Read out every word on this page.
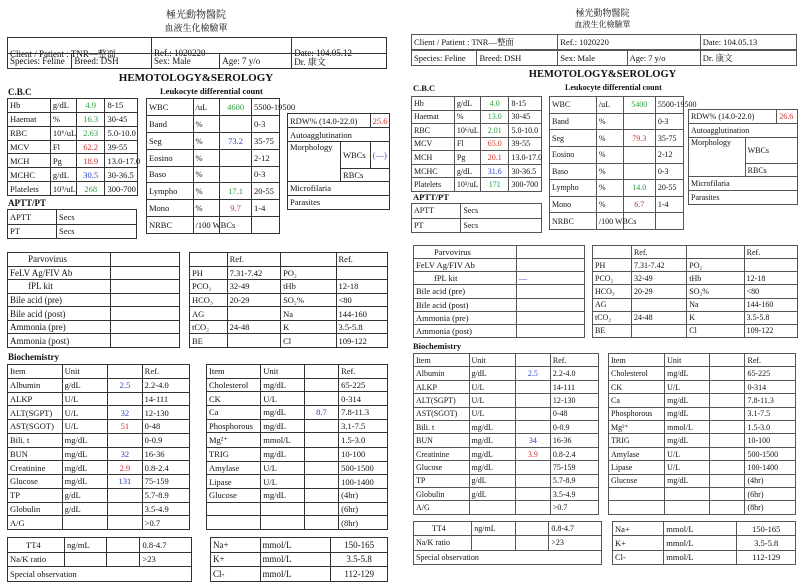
極光動物醫院
血液生化檢驗單
Client / Patient : TNR—整面	Ref.: 1020220	Date: 104.05.12
Species: Feline	Breed: DSH	Sex: Male	Age: 7 y/o	Dr. 康文
HEMOTOLOGY&SEROLOGY
C.B.C	Leukocyte differential count
Hb	g/dL	4.9	8-15
Haemat	%	16.3	30-45
RBC	10⁶/uL	2.63	5.0-10.0
MCV	Fl	62.2	39-55
MCH	Pg	18.9	13.0-17.0
MCHC	g/dL	30.5	30-36.5
Platelets	10³/uL	268	300-700
WBC	/uL	4600	5500-19500
Band	%		0-3
Seg	%	73.2	35-75
Eosino	%		2-12
Baso	%		0-3
Lympho	%	17.1	20-55
Mono	%	9.7	1-4
NRBC	/100 WBCs		
RDW% (14.0-22.0)		25.6
Autoagglutination		
Morphology	WBCs	(—)
	RBCs	
Microfilaria		
Parasites		
APTT/PT
APTT	Secs
PT	Secs
Parvovirus	
FeLV Ag/FIV Ab	
fPL kit	
Bile acid (pre)	
Bile acid (post)	
Ammonia (pre)	
Ammonia (post)	
	Ref.		Ref.
PH	7.31-7.42	PO₂	
PCO₂	32-49	tHb	12-18
HCO₃	20-29	SO₂%	<80
AG		Na	144-160
tCO₂	24-48	K	3.5-5.8
BE		Cl	109-122
Biochemistry
Item	Unit		Ref.
Albumin	g/dL	2.5	2.2-4.0
ALKP	U/L		14-111
ALT(SGPT)	U/L	32	12-130
AST(SGOT)	U/L	51	0-48
Bili. t	mg/dL		0-0.9
BUN	mg/dL	32	16-36
Creatinine	mg/dL	2.9	0.8-2.4
Glucose	mg/dL	131	75-159
TP	g/dL		5.7-8.9
Globulin	g/dL		3.5-4.9
A/G			>0.7
Item	Unit		Ref.
Cholesterol	mg/dL		65-225
CK	U/L		0-314
Ca	mg/dL	8.7	7.8-11.3
Phosphorous	mg/dL		3.1-7.5
Mg²⁺	mmol/L		1.5-3.0
TRIG	mg/dL		10-100
Amylase	U/L		500-1500
Lipase	U/L		100-1400
Glucose	mg/dL		(4hr)
			(6hr)
			(8hr)
TT4	ng/mL		0.8-4.7
Na/K ratio			>23
Special observation			
Na+	mmol/L	150-165
K+	mmol/L	3.5-5.8
Cl-	mmol/L	112-129
極光動物醫院
血液生化檢驗單
Client / Patient : TNR—整面	Ref.: 1020220	Date: 104.05.13
Species: Feline	Breed: DSH	Sex: Male	Age: 7 y/o	Dr. 康文
HEMOTOLOGY&SEROLOGY
C.B.C	Leukocyte differential count
Hb	g/dL	4.0	8-15
Haemat	%	13.0	30-45
RBC	10⁶/uL	2.01	5.0-10.0
MCV	Fl	65.0	39-55
MCH	Pg	20.1	13.0-17.0
MCHC	g/dL	31.6	30-36.5
Platelets	10³/uL	171	300-700
WBC	/uL	5400	5500-19500
Band	%		0-3
Seg	%	79.3	35-75
Eosino	%		2-12
Baso	%		0-3
Lympho	%	14.0	20-55
Mono	%	6.7	1-4
NRBC	/100 WBCs		
RDW% (14.0-22.0)		26.6
Autoagglutination		
Morphology	WBCs	
	RBCs	
Microfilaria		
Parasites		
APTT/PT
APTT	Secs
PT	Secs
Parvovirus	
FeLV Ag/FIV Ab	
fPL kit	—
Bile acid (pre)	
Bile acid (post)	
Ammonia (pre)	
Ammonia (post)	
	Ref.		Ref.
PH	7.31-7.42	PO₂	
PCO₂	32-49	tHb	12-18
HCO₃	20-29	SO₂%	<80
AG		Na	144-160
tCO₂	24-48	K	3.5-5.8
BE		Cl	109-122
Biochemistry
Item	Unit		Ref.
Albumin	g/dL	2.5	2.2-4.0
ALKP	U/L		14-111
ALT(SGPT)	U/L		12-130
AST(SGOT)	U/L		0-48
Bili. t	mg/dL		0-0.9
BUN	mg/dL	34	16-36
Creatinine	mg/dL	3.9	0.8-2.4
Glucose	mg/dL		75-159
TP	g/dL		5.7-8.9
Globulin	g/dL		3.5-4.9
A/G			>0.7
Item	Unit		Ref.
Cholesterol	mg/dL		65-225
CK	U/L		0-314
Ca	mg/dL		7.8-11.3
Phosphorous	mg/dL		3.1-7.5
Mg²⁺	mmol/L		1.5-3.0
TRIG	mg/dL		10-100
Amylase	U/L		500-1500
Lipase	U/L		100-1400
Glucose	mg/dL		(4hr)
			(6hr)
			(8hr)
TT4	ng/mL		0.8-4.7
Na/K ratio			>23
Special observation			
Na+	mmol/L	150-165
K+	mmol/L	3.5-5.8
Cl-	mmol/L	112-129
